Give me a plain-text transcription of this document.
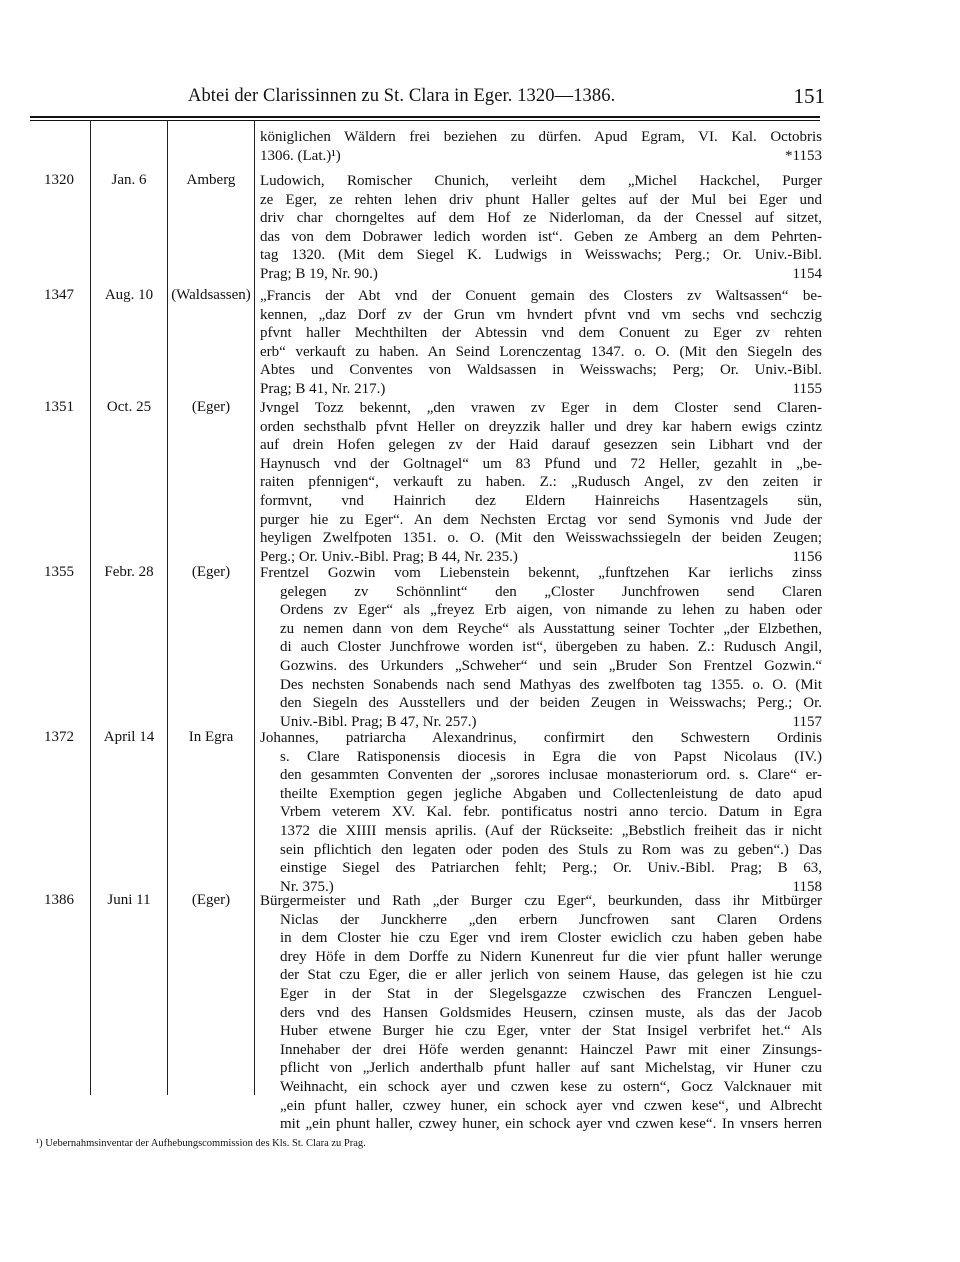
Abtei der Clarissinnen zu St. Clara in Eger. 1320—1386.	151
königlichen Wäldern frei beziehen zu dürfen. Apud Egram, VI. Kal. Octobris
*1153
1306. (Lat.)¹)
1320	Jan. 6	Amberg	Ludowich, Romischer Chunich, verleiht dem „Michel Hackchel, Purger
ze Eger, ze rehten lehen driv phunt Haller geltes auf der Mul bei Eger und
driv char chorngeltes auf dem Hof ze Niderloman, da der Cnessel auf sitzet,
das von dem Dobrawer ledich worden ist“. Geben ze Amberg an dem Pehrten-
tag 1320. (Mit dem Siegel K. Ludwigs in Weisswachs; Perg.; Or. Univ.-Bibl.
1154
Prag; B 19, Nr. 90.)
1347	Aug. 10	(Waldsassen) „Francis der Abt vnd der Conuent gemain des Closters zv Waltsassen“ be-
kennen, „daz Dorf zv der Grun vm hvndert pfvnt vnd vm sechs vnd sechczig
pfvnt haller Mechthilten der Abtessin vnd dem Conuent zu Eger zv rehten
erb“ verkauft zu haben. An Seind Lorenczentag 1347. o. O. (Mit den Siegeln des
Abtes und Conventes von Waldsassen in Weisswachs; Perg; Or. Univ.-Bibl.
1155
Prag; B 41, Nr. 217.)
1351	Oct. 25	(Eger)	Jvngel Tozz bekennt, „den vrawen zv Eger in dem Closter send Claren-
orden sechsthalb pfvnt Heller on dreyzzik haller und drey kar habern ewigs czintz
auf drein Hofen gelegen zv der Haid darauf gesezzen sein Libhart vnd der
Haynusch vnd der Goltnagel“ um 83 Pfund und 72 Heller, gezahlt in „be-
raiten pfennigen“, verkauft zu haben. Z.: „Rudusch Angel, zv den zeiten ir
formvnt, vnd Hainrich dez Eldern Hainreichs Hasentzagels sün,
purger hie zu Eger“. An dem Nechsten Erctag vor send Symonis vnd Jude der
heyligen Zwelfpoten 1351. o. O. (Mit den Weisswachssiegeln der beiden Zeugen;
1156
Perg.; Or. Univ.-Bibl. Prag; B 44, Nr. 235.)
1355	Febr. 28	(Eger)	Frentzel Gozwin vom Liebenstein bekennt, „funftzehen Kar ierlichs zinss
gelegen zv Schönnlint“ den „Closter Junchfrowen send Claren
Ordens zv Eger“ als „freyez Erb aigen, von nimande zu lehen zu haben oder
zu nemen dann von dem Reyche“ als Ausstattung seiner Tochter „der Elzbethen,
di auch Closter Junchfrowe worden ist“, übergeben zu haben. Z.: Rudusch Angil,
Gozwins. des Urkunders „Schweher“ und sein „Bruder Son Frentzel Gozwin.“
Des nechsten Sonabends nach send Mathyas des zwelfboten tag 1355. o. O. (Mit
den Siegeln des Ausstellers und der beiden Zeugen in Weisswachs; Perg.; Or.
1157
Univ.-Bibl. Prag; B 47, Nr. 257.)
1372	April 14	In Egra	Johannes, patriarcha Alexandrinus, confirmirt den Schwestern Ordinis
s. Clare Ratisponensis diocesis in Egra die von Papst Nicolaus (IV.)
den gesammten Conventen der „sorores inclusae monasteriorum ord. s. Clare“ er-
theilte Exemption gegen jegliche Abgaben und Collectenleistung de dato apud
Vrbem veterem XV. Kal. febr. pontificatus nostri anno tercio. Datum in Egra
1372 die XIIII mensis aprilis. (Auf der Rückseite: „Bebstlich freiheit das ir nicht
sein pflichtich den legaten oder poden des Stuls zu Rom was zu geben“.) Das
einstige Siegel des Patriarchen fehlt; Perg.; Or. Univ.-Bibl. Prag; B 63,
1158
Nr. 375.)
1386	Juni 11	(Eger)	Bürgermeister und Rath „der Burger czu Eger“, beurkunden, dass ihr Mitbürger
Niclas der Junckherre „den erbern Juncfrowen sant Claren Ordens
in dem Closter hie czu Eger vnd irem Closter ewiclich czu haben geben habe
drey Höfe in dem Dorffe zu Nidern Kunenreut fur die vier pfunt haller werunge
der Stat czu Eger, die er aller jerlich von seinem Hause, das gelegen ist hie czu
Eger in der Stat in der Slegelsgazze czwischen des Franczen Lenguel-
ders vnd des Hansen Goldsmides Heusern, czinsen muste, als das der Jacob
Huber etwene Burger hie czu Eger, vnter der Stat Insigel verbrifet het.“ Als
Innehaber der drei Höfe werden genannt: Hainczel Pawr mit einer Zinsungs-
pflicht von „Jerlich anderthalb pfunt haller auf sant Michelstag, vir Huner czu
Weihnacht, ein schock ayer und czwen kese zu ostern“, Gocz Valcknauer mit
„ein pfunt haller, czwey huner, ein schock ayer vnd czwen kese“, und Albrecht
mit „ein phunt haller, czwey huner, ein schock ayer vnd czwen kese“. In vnsers herren
¹) Uebernahmsinventar der Aufhebungscommission des Kls. St. Clara zu Prag.
